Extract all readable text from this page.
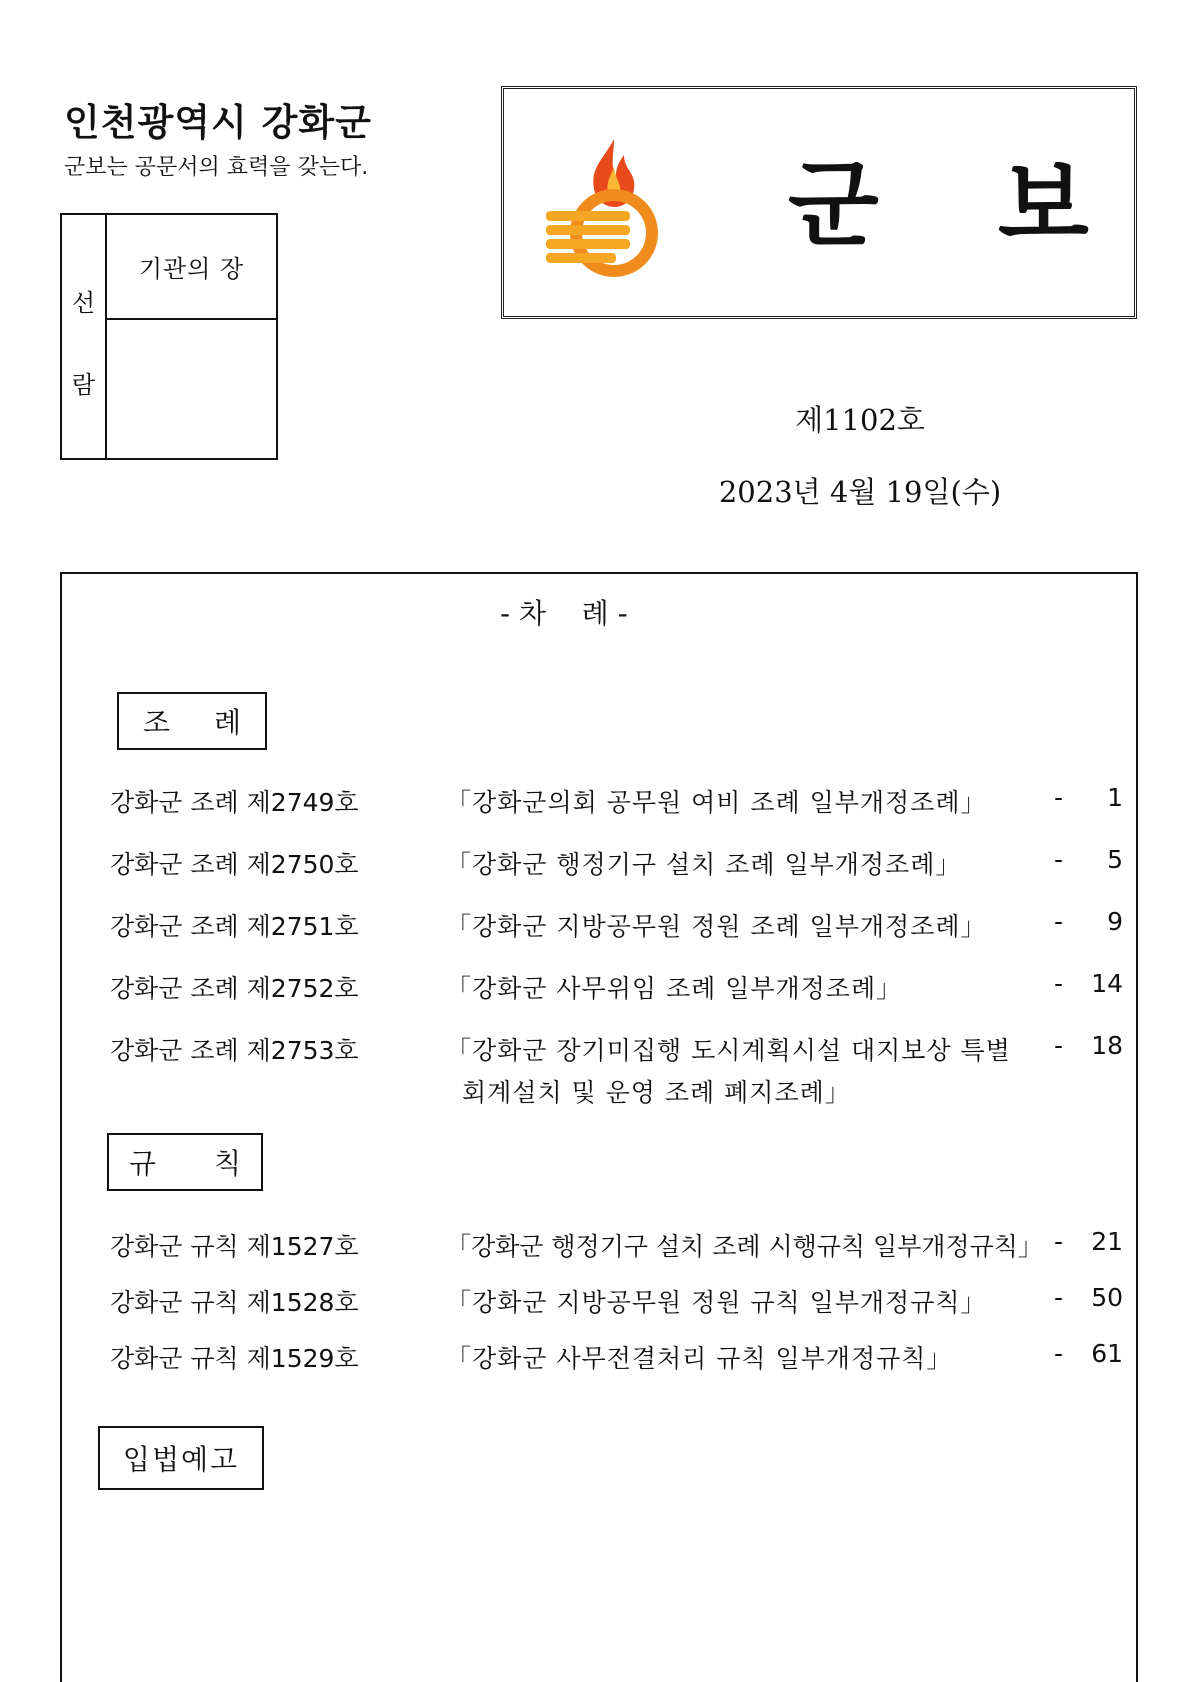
인천광역시 강화군
군보는 공문서의 효력을 갖는다.
선
람
기관의 장
군 보
제1102호
2023년 4월 19일(수)
- 차    례 -
조 례
강화군 조례 제2749호	「강화군의회 공무원 여비 조례 일부개정조례」	-	1
강화군 조례 제2750호	「강화군 행정기구 설치 조례 일부개정조례」	-	5
강화군 조례 제2751호	「강화군 지방공무원 정원 조례 일부개정조례」	-	9
강화군 조례 제2752호	「강화군 사무위임 조례 일부개정조례」	- 14
강화군 조례 제2753호	「강화군 장기미집행 도시계획시설 대지보상 특별
회계설치 및 운영 조례 폐지조례」
- 18
규 칙
강화군 규칙 제1527호	「강화군 행정기구 설치 조례 시행규칙 일부개정규칙」 - 21
강화군 규칙 제1528호	「강화군 지방공무원 정원 규칙 일부개정규칙」	- 50
강화군 규칙 제1529호	「강화군 사무전결처리 규칙 일부개정규칙」	- 61
입법예고
